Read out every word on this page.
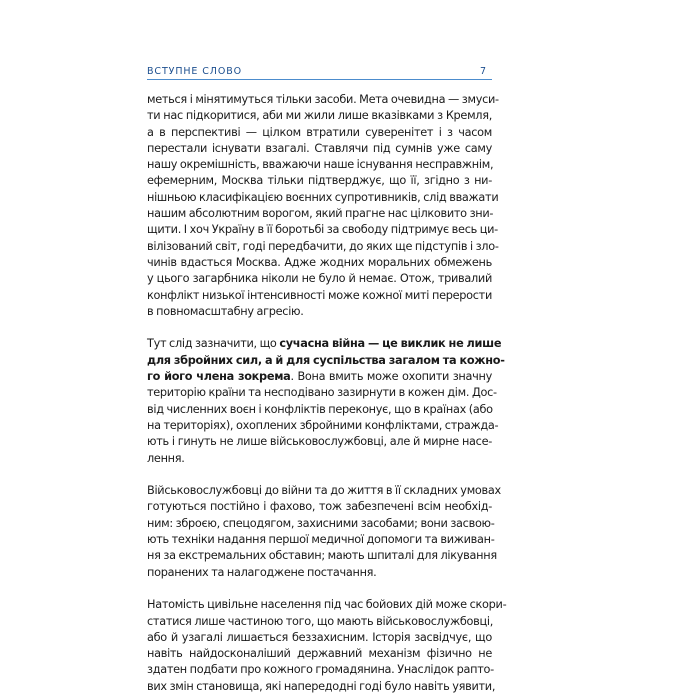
ВСТУПНЕ СЛОВО	7
меться і мінятимуться тільки засоби. Мета очевидна — змуси-
ти нас підкоритися, аби ми жили лише вказівками з Кремля,
а в перспективі — цілком втратили суверенітет і з часом
перестали існувати взагалі. Ставлячи під сумнів уже саму
нашу окремішність, вважаючи наше існування несправжнім,
ефемерним, Москва тільки підтверджує, що її, згідно з ни-
нішньою класифікацією воєнних супротивників, слід вважати
нашим абсолютним ворогом, який прагне нас цілковито зни-
щити. І хоч Україну в її боротьбі за свободу підтримує весь ци-
вілізований світ, годі передбачити, до яких ще підступів і зло-
чинів вдасться Москва. Адже жодних моральних обмежень
у цього загарбника ніколи не було й немає. Отож, тривалий
конфлікт низької інтенсивності може кожної миті перерости
в повномасштабну агресію.
Тут слід зазначити, що сучасна війна — це виклик не лише
для збройних сил, а й для суспільства загалом та кожно-
го його члена зокрема. Вона вмить може охопити значну
територію країни та несподівано зазирнути в кожен дім. Дос-
від численних воєн і конфліктів переконує, що в країнах (або
на територіях), охоплених збройними конфліктами, стражда-
ють і гинуть не лише військовослужбовці, але й мирне насе-
лення.
Військовослужбовці до війни та до життя в її складних умовах
готуються постійно і фахово, тож забезпечені всім необхід-
ним: зброєю, спецодягом, захисними засобами; вони засвою-
ють техніки надання першої медичної допомоги та виживан-
ня за екстремальних обставин; мають шпиталі для лікування
поранених та налагоджене постачання.
Натомість цивільне населення під час бойових дій може скори-
статися лише частиною того, що мають військовослужбовці,
або й узагалі лишається беззахисним. Історія засвідчує, що
навіть найдосконаліший державний механізм фізично не
здатен подбати про кожного громадянина. Унаслідок рапто-
вих змін становища, які напередодні годі було навіть уявити,
